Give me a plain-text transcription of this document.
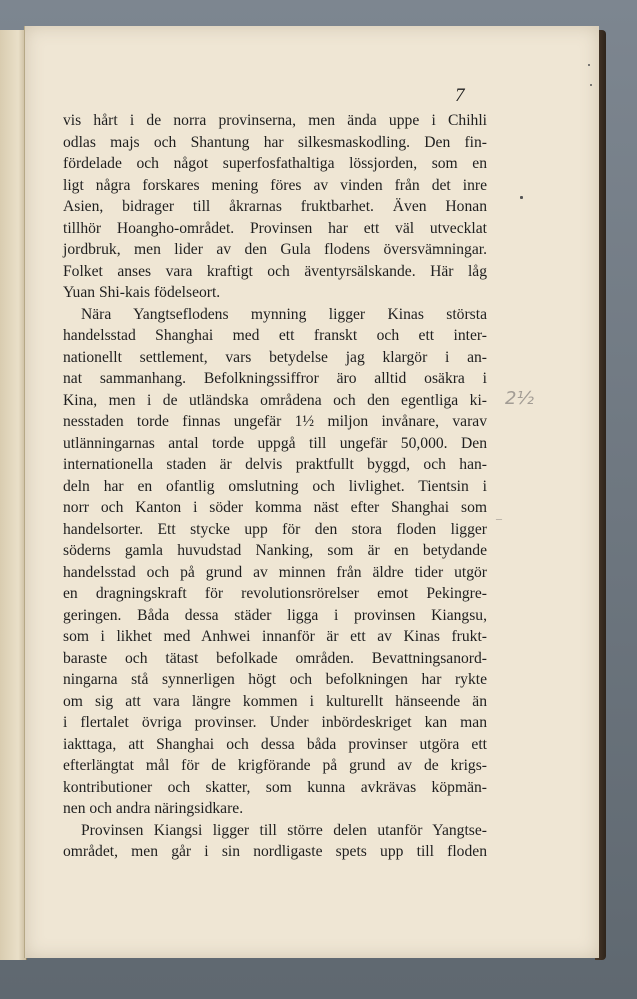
7
vis hårt i de norra provinserna, men ända uppe i Chihli
odlas majs och Shantung har silkesmaskodling. Den fin-
fördelade och något superfosfathaltiga lössjorden, som en
ligt några forskares mening föres av vinden från det inre
Asien, bidrager till åkrarnas fruktbarhet. Även Honan
tillhör Hoangho-området. Provinsen har ett väl utvecklat
jordbruk, men lider av den Gula flodens översvämningar.
Folket anses vara kraftigt och äventyrsälskande. Här låg
Yuan Shi-kais födelseort.
Nära Yangtseflodens mynning ligger Kinas största
handelsstad Shanghai med ett franskt och ett inter-
nationellt settlement, vars betydelse jag klargör i an-
nat sammanhang. Befolkningssiffror äro alltid osäkra i
Kina, men i de utländska områdena och den egentliga ki-
nesstaden torde finnas ungefär 1½ miljon invånare, varav
utlänningarnas antal torde uppgå till ungefär 50,000. Den
internationella staden är delvis praktfullt byggd, och han-
deln har en ofantlig omslutning och livlighet. Tientsin i
norr och Kanton i söder komma näst efter Shanghai som
handelsorter. Ett stycke upp för den stora floden ligger
söderns gamla huvudstad Nanking, som är en betydande
handelsstad och på grund av minnen från äldre tider utgör
en dragningskraft för revolutionsrörelser emot Pekingre-
geringen. Båda dessa städer ligga i provinsen Kiangsu,
som i likhet med Anhwei innanför är ett av Kinas frukt-
baraste och tätast befolkade områden. Bevattningsanord-
ningarna stå synnerligen högt och befolkningen har rykte
om sig att vara längre kommen i kulturellt hänseende än
i flertalet övriga provinser. Under inbördeskriget kan man
iakttaga, att Shanghai och dessa båda provinser utgöra ett
efterlängtat mål för de krigförande på grund av de krigs-
kontributioner och skatter, som kunna avkrävas köpmän-
nen och andra näringsidkare.
Provinsen Kiangsi ligger till större delen utanför Yangtse-
området, men går i sin nordligaste spets upp till floden
2½
–
